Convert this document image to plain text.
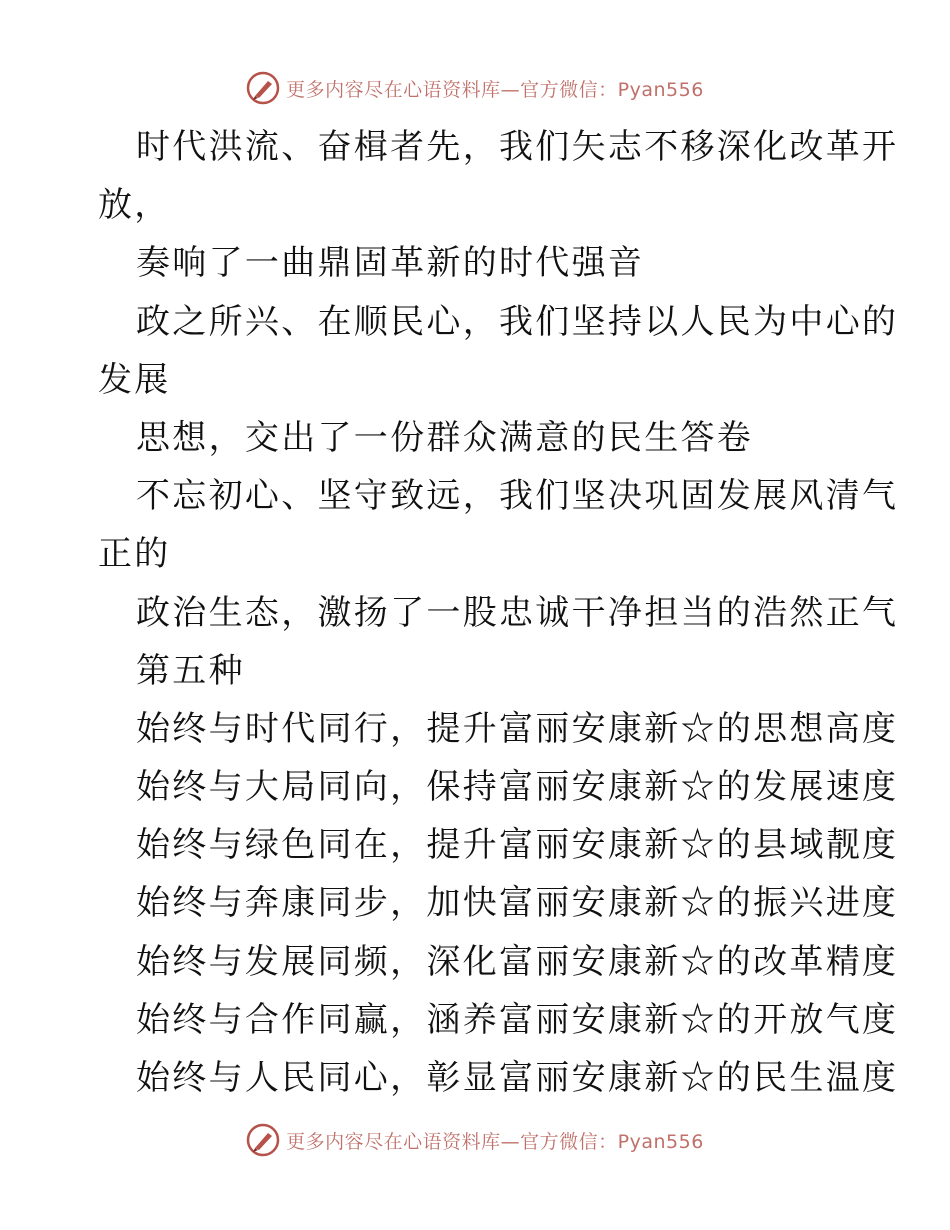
更多内容尽在心语资料库—官方微信：Pyan556
时代洪流、奋楫者先，我们矢志不移深化改革开
放，
奏响了一曲鼎固革新的时代强音
政之所兴、在顺民心，我们坚持以人民为中心的
发展
思想，交出了一份群众满意的民生答卷
不忘初心、坚守致远，我们坚决巩固发展风清气
正的
政治生态，激扬了一股忠诚干净担当的浩然正气
第五种
始终与时代同行，提升富丽安康新☆的思想高度
始终与大局同向，保持富丽安康新☆的发展速度
始终与绿色同在，提升富丽安康新☆的县域靓度
始终与奔康同步，加快富丽安康新☆的振兴进度
始终与发展同频，深化富丽安康新☆的改革精度
始终与合作同赢，涵养富丽安康新☆的开放气度
始终与人民同心，彰显富丽安康新☆的民生温度
更多内容尽在心语资料库—官方微信：Pyan556
